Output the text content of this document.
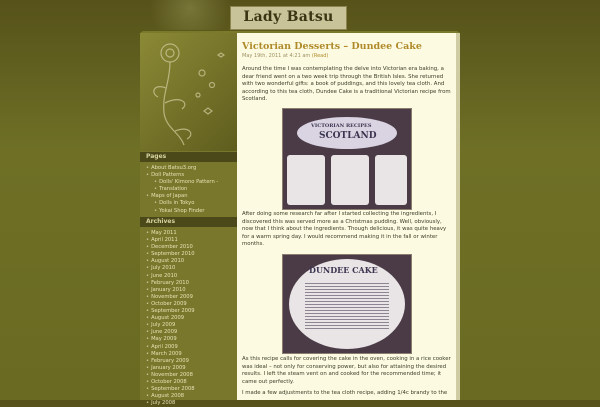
Lady Batsu
Pages
• About Batsu3.org
• Doll Patterns
• Dolls' Kimono Pattern -
• Translation
• Maps of Japan
• Dolls in Tokyo
• Yokai Shop Finder
Archives
• May 2011
• April 2011
• December 2010
• September 2010
• August 2010
• July 2010
• June 2010
• February 2010
• January 2010
• November 2009
• October 2009
• September 2009
• August 2009
• July 2009
• June 2009
• May 2009
• April 2009
• March 2009
• February 2009
• January 2009
• November 2008
• October 2008
• September 2008
• August 2008
• July 2008
Victorian Desserts – Dundee Cake
May 19th, 2011 at 4:21 am (Read)
Around the time I was contemplating the delve into Victorian era baking, a dear friend went on a two week trip through the British Isles. She returned with two wonderful gifts: a book of puddings, and this lovely tea cloth. And according to this tea cloth, Dundee Cake is a traditional Victorian recipe from Scotland.
VICTORIAN RECIPES
SCOTLAND
After doing some research far after I started collecting the ingredients, I discovered this was served more as a Christmas pudding. Well, obviously, now that I think about the ingredients. Though delicious, it was quite heavy for a warm spring day. I would recommend making it in the fall or winter months.
DUNDEE CAKE
As this recipe calls for covering the cake in the oven, cooking in a rice cooker was ideal – not only for conserving power, but also for attaining the desired results. I left the steam vent on and cooked for the recommended time; it came out perfectly.
I made a few adjustments to the tea cloth recipe, adding 1/4c brandy to the
